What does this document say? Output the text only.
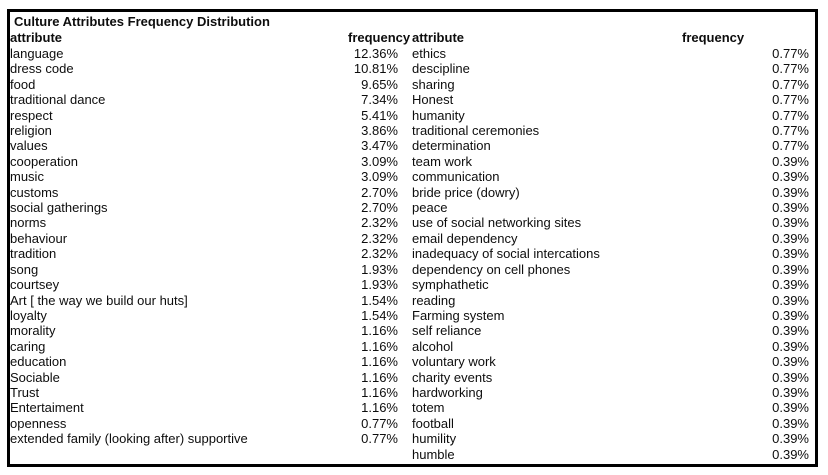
Culture Attributes Frequency Distribution
attribute	frequency	attribute	frequency
language	12.36%	ethics	0.77%
dress code	10.81%	descipline	0.77%
food	9.65%	sharing	0.77%
traditional dance	7.34%	Honest	0.77%
respect	5.41%	humanity	0.77%
religion	3.86%	traditional ceremonies	0.77%
values	3.47%	determination	0.77%
cooperation	3.09%	team work	0.39%
music	3.09%	communication	0.39%
customs	2.70%	bride price (dowry)	0.39%
social gatherings	2.70%	peace	0.39%
norms	2.32%	use of social networking sites	0.39%
behaviour	2.32%	email dependency	0.39%
tradition	2.32%	inadequacy of social intercations	0.39%
song	1.93%	dependency on cell phones	0.39%
courtsey	1.93%	symphathetic	0.39%
Art [ the way we build our huts]	1.54%	reading	0.39%
loyalty	1.54%	Farming system	0.39%
morality	1.16%	self reliance	0.39%
caring	1.16%	alcohol	0.39%
education	1.16%	voluntary work	0.39%
Sociable	1.16%	charity events	0.39%
Trust	1.16%	hardworking	0.39%
Entertaiment	1.16%	totem	0.39%
openness	0.77%	football	0.39%
extended family (looking after) supportive	0.77%	humility	0.39%
		humble	0.39%
